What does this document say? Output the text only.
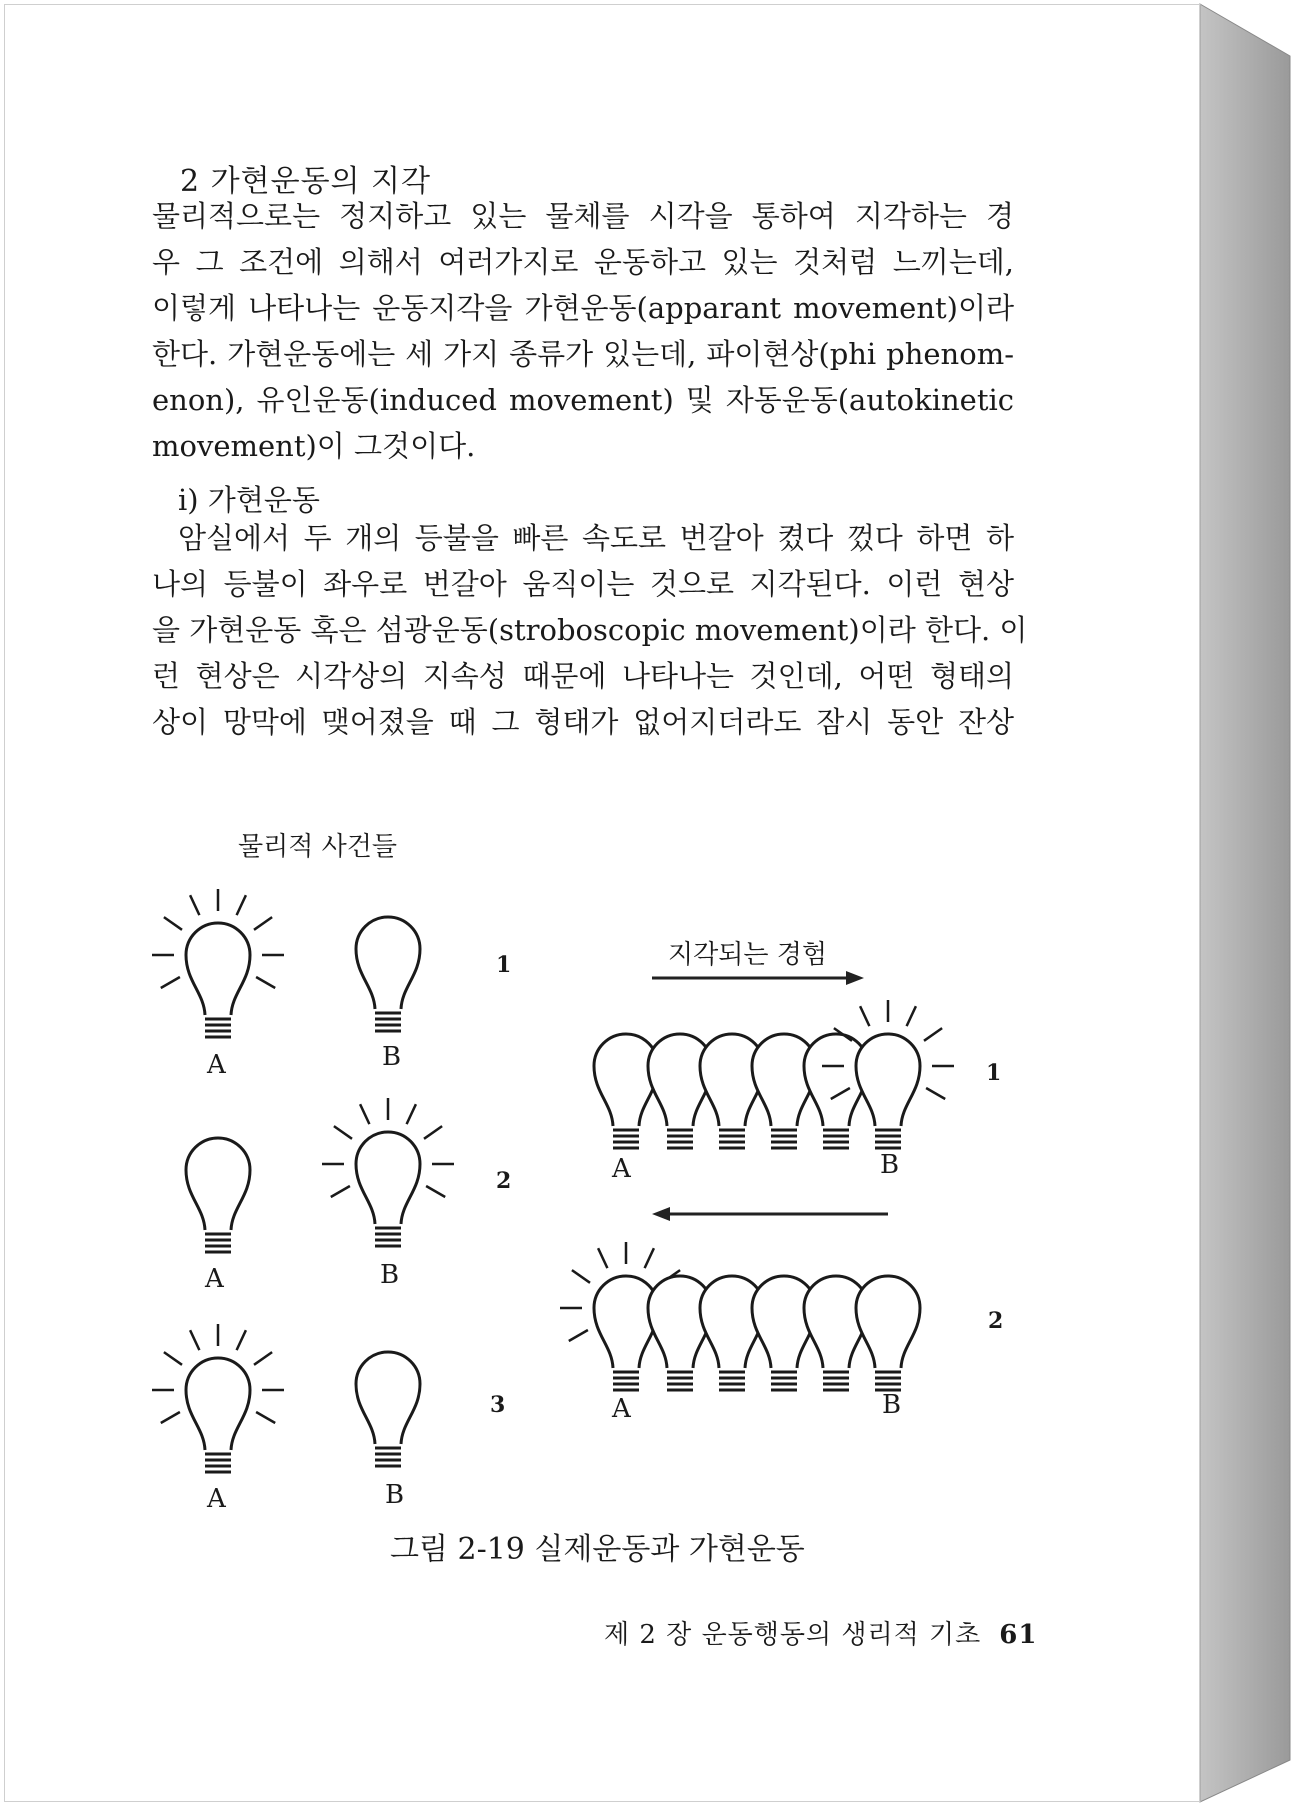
2 가현운동의 지각
물리적으로는 정지하고 있는 물체를 시각을 통하여 지각하는 경
우 그 조건에 의해서 여러가지로 운동하고 있는 것처럼 느끼는데,
이렇게 나타나는 운동지각을 가현운동(apparant movement)이라
한다. 가현운동에는 세 가지 종류가 있는데, 파이현상(phi phenom-
enon), 유인운동(induced movement) 및 자동운동(autokinetic
movement)이 그것이다.
i) 가현운동
암실에서 두 개의 등불을 빠른 속도로 번갈아 켰다 껐다 하면 하
나의 등불이 좌우로 번갈아 움직이는 것으로 지각된다. 이런 현상
을 가현운동 혹은 섬광운동(stroboscopic movement)이라 한다. 이
런 현상은 시각상의 지속성 때문에 나타나는 것인데, 어떤 형태의
상이 망막에 맺어졌을 때 그 형태가 없어지더라도 잠시 동안 잔상
물리적 사건들
지각되는 경험
A	B
1
A	B
2
A	B
3
A	B
1
A	B
2
그림 2-19 실제운동과 가현운동
제 2 장 운동행동의 생리적 기초 61
